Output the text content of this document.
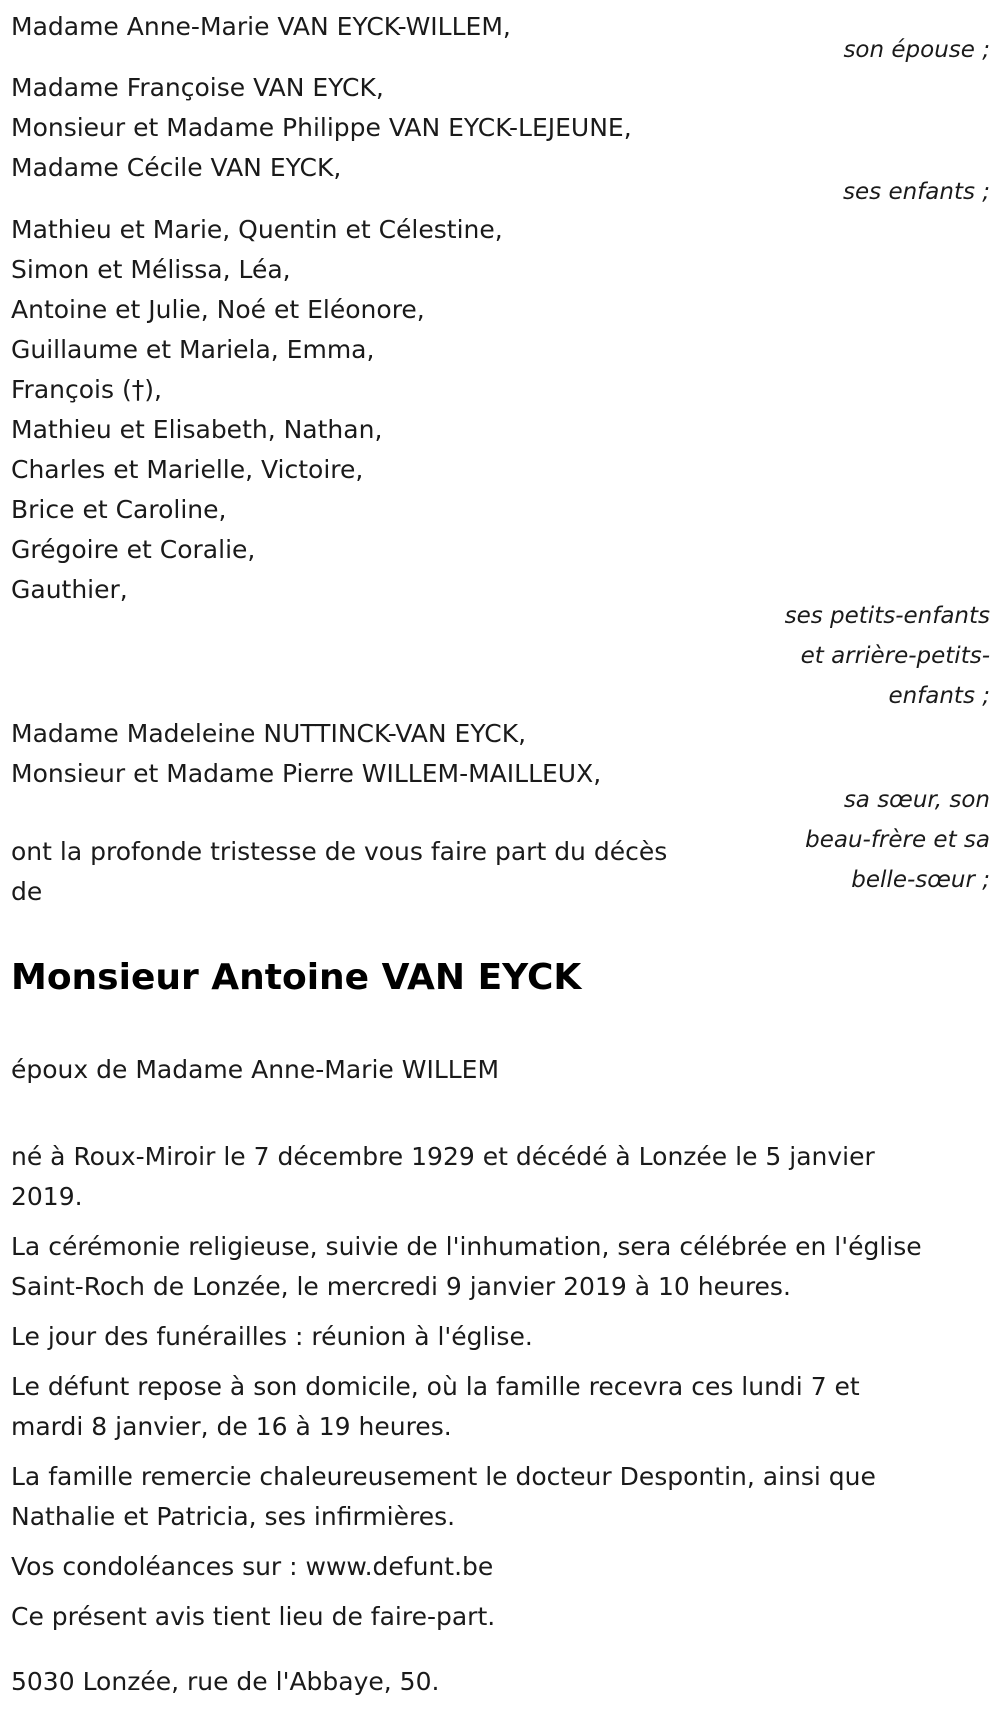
Madame Anne-Marie VAN EYCK-WILLEM,
son épouse ;
Madame Françoise VAN EYCK,
Monsieur et Madame Philippe VAN EYCK-LEJEUNE,
Madame Cécile VAN EYCK,
ses enfants ;
Mathieu et Marie, Quentin et Célestine,
Simon et Mélissa, Léa,
Antoine et Julie, Noé et Eléonore,
Guillaume et Mariela, Emma,
François (†),
Mathieu et Elisabeth, Nathan,
Charles et Marielle, Victoire,
Brice et Caroline,
Grégoire et Coralie,
Gauthier,
ses petits-enfants
et arrière-petits-
enfants ;
Madame Madeleine NUTTINCK-VAN EYCK,
Monsieur et Madame Pierre WILLEM-MAILLEUX,
sa sœur, son
beau-frère et sa
belle-sœur ;
ont la profonde tristesse de vous faire part du décès
de
Monsieur Antoine VAN EYCK
époux de Madame Anne-Marie WILLEM
né à Roux-Miroir le 7 décembre 1929 et décédé à Lonzée le 5 janvier
2019.
La cérémonie religieuse, suivie de l'inhumation, sera célébrée en l'église
Saint-Roch de Lonzée, le mercredi 9 janvier 2019 à 10 heures.
Le jour des funérailles : réunion à l'église.
Le défunt repose à son domicile, où la famille recevra ces lundi 7 et
mardi 8 janvier, de 16 à 19 heures.
La famille remercie chaleureusement le docteur Despontin, ainsi que
Nathalie et Patricia, ses infirmières.
Vos condoléances sur : www.defunt.be
Ce présent avis tient lieu de faire-part.
5030 Lonzée, rue de l'Abbaye, 50.
